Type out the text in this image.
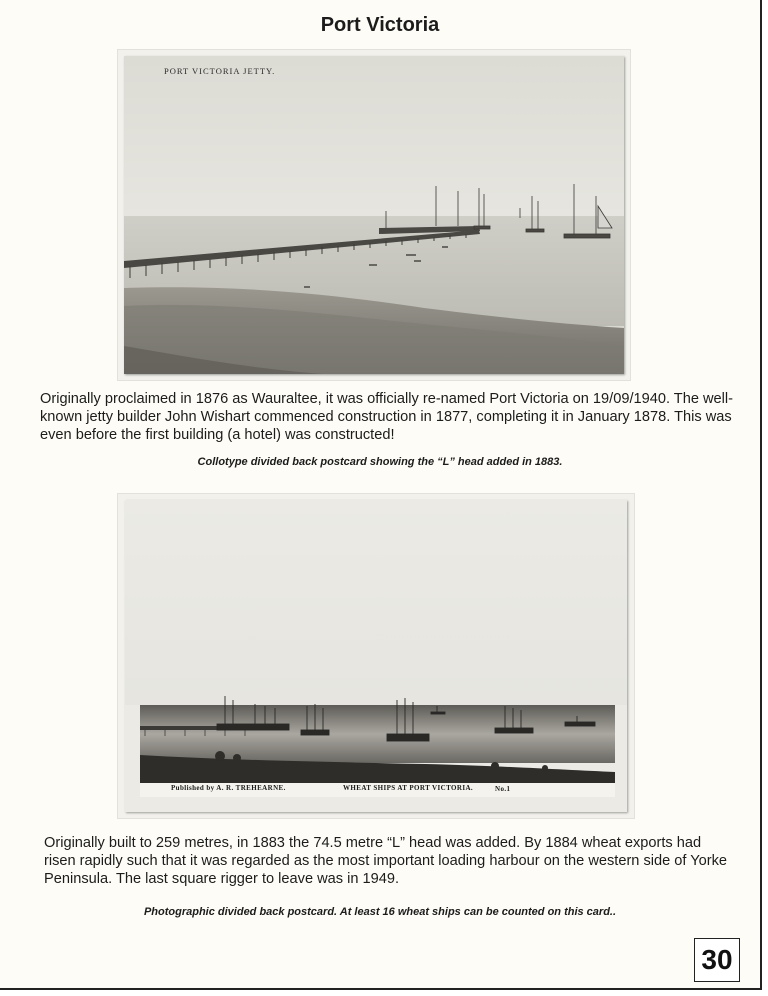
Port Victoria
PORT VICTORIA JETTY.
Originally proclaimed in 1876 as Wauraltee, it was officially re-named Port Victoria on 19/09/1940. The well-known jetty builder John Wishart commenced construction in 1877, completing it in January 1878. This was even before the first building (a hotel) was constructed!
Collotype divided back postcard showing the “L” head added in 1883.
Published by A. R. TREHEARNE.	WHEAT SHIPS AT PORT VICTORIA.	No.1
Originally built to 259 metres, in 1883 the 74.5 metre “L” head was added. By 1884 wheat exports had risen rapidly such that it was regarded as the most important loading harbour on the western side of Yorke Peninsula. The last square rigger to leave was in 1949.
Photographic divided back postcard. At least 16 wheat ships can be counted on this card..
30
